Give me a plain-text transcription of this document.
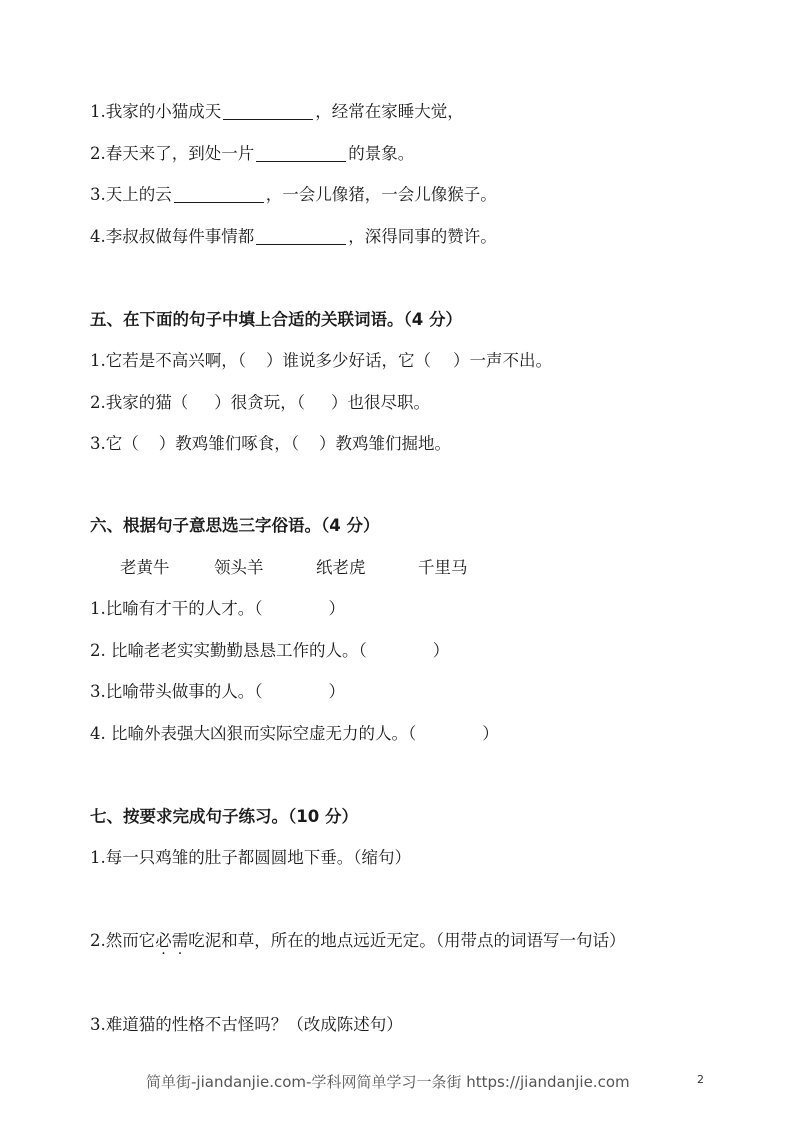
1.我家的小猫成天	，经常在家睡大觉，
2.春天来了，到处一片	的景象。
3.天上的云	，一会儿像猪，一会儿像猴子。
4.李叔叔做每件事情都	，深得同事的赞许。
五、在下面的句子中填上合适的关联词语。（4 分）
1.它若是不高兴啊，（ ）谁说多少好话，它（ ）一声不出。
2.我家的猫（ ）很贪玩，（ ）也很尽职。
3.它（ ）教鸡雏们啄食，（ ）教鸡雏们掘地。
六、根据句子意思选三字俗语。（4 分）
老黄牛	领头羊	纸老虎	千里马
1.比喻有才干的人才。（	）
2. 比喻老老实实勤勤恳恳工作的人。（	）
3.比喻带头做事的人。（	）
4. 比喻外表强大凶狠而实际空虚无力的人。（	）
七、按要求完成句子练习。（10 分）
1.每一只鸡雏的肚子都圆圆地下垂。（缩句）
2.然而它必需吃泥和草，所在的地点远近无定。（用带点的词语写一句话）
3.难道猫的性格不古怪吗？（改成陈述句）
简单街-jiandanjie.com-学科网简单学习一条街 https://jiandanjie.com	2
